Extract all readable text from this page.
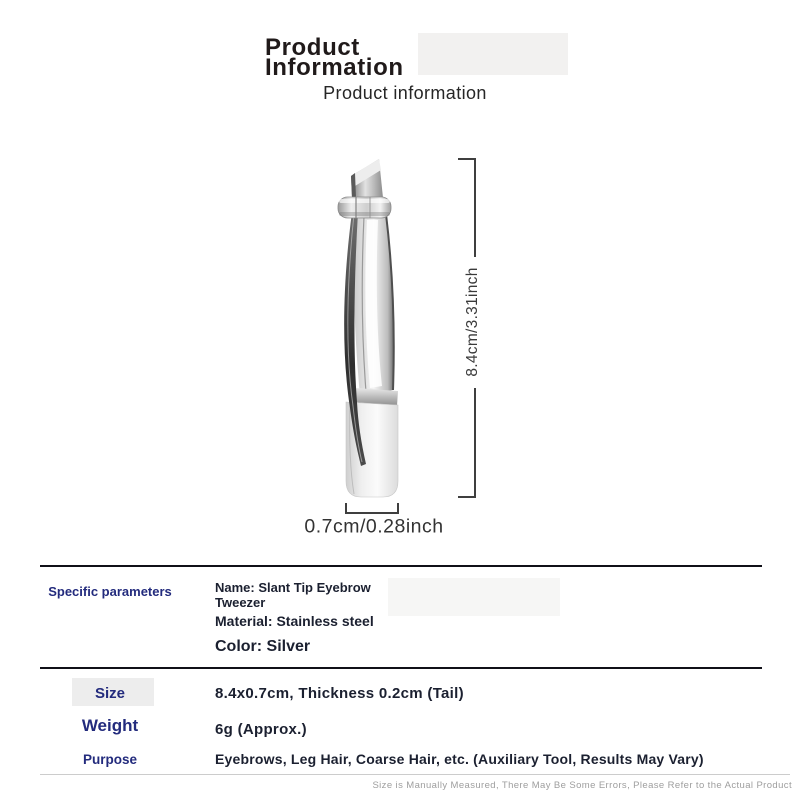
Product
Information
Product information
8.4cm/3.31inch
0.7cm/0.28inch
Specific parameters	Name: Slant Tip Eyebrow Tweezer
Material: Stainless steel
Color: Silver
Size	8.4x0.7cm, Thickness 0.2cm (Tail)
Weight	6g (Approx.)
Purpose	Eyebrows, Leg Hair, Coarse Hair, etc. (Auxiliary Tool, Results May Vary)
Size is Manually Measured, There May Be Some Errors, Please Refer to the Actual Product
